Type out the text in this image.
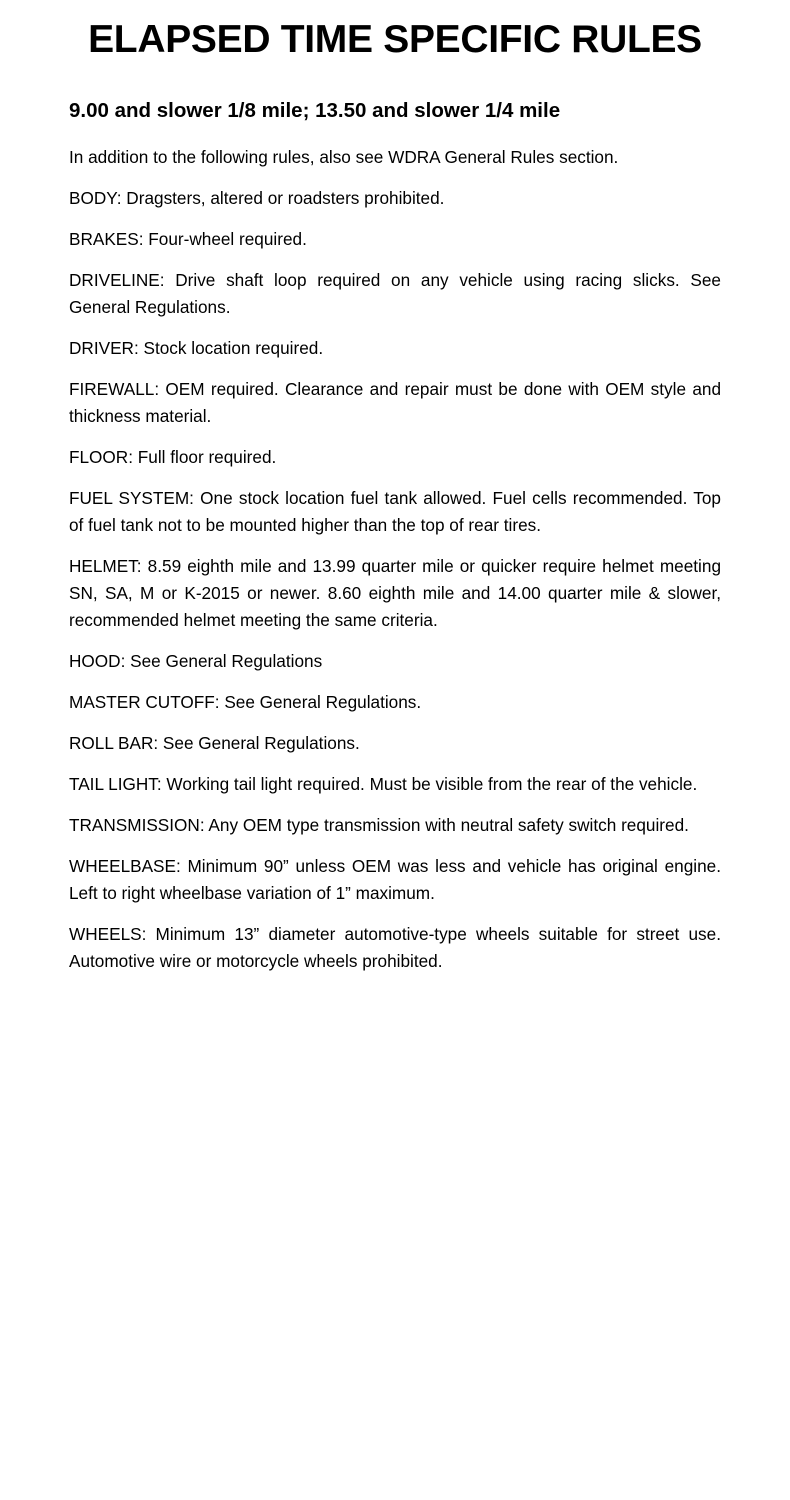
ELAPSED TIME SPECIFIC RULES
9.00 and slower 1/8 mile; 13.50 and slower 1/4 mile

In addition to the following rules, also see WDRA General Rules section.

BODY: Dragsters, altered or roadsters prohibited.

BRAKES: Four-wheel required.

DRIVELINE: Drive shaft loop required on any vehicle using racing slicks. See General Regulations.

DRIVER: Stock location required.

FIREWALL: OEM required. Clearance and repair must be done with OEM style and thickness material.

FLOOR: Full floor required.

FUEL SYSTEM: One stock location fuel tank allowed. Fuel cells recommended. Top of fuel tank not to be mounted higher than the top of rear tires.

HELMET: 8.59 eighth mile and 13.99 quarter mile or quicker require helmet meeting SN, SA, M or K-2015 or newer. 8.60 eighth mile and 14.00 quarter mile & slower, recommended helmet meeting the same criteria.

HOOD: See General Regulations

MASTER CUTOFF: See General Regulations.

ROLL BAR: See General Regulations.

TAIL LIGHT: Working tail light required. Must be visible from the rear of the vehicle.

TRANSMISSION: Any OEM type transmission with neutral safety switch required.

WHEELBASE: Minimum 90” unless OEM was less and vehicle has original engine. Left to right wheelbase variation of 1” maximum.

WHEELS: Minimum 13” diameter automotive-type wheels suitable for street use. Automotive wire or motorcycle wheels prohibited.
